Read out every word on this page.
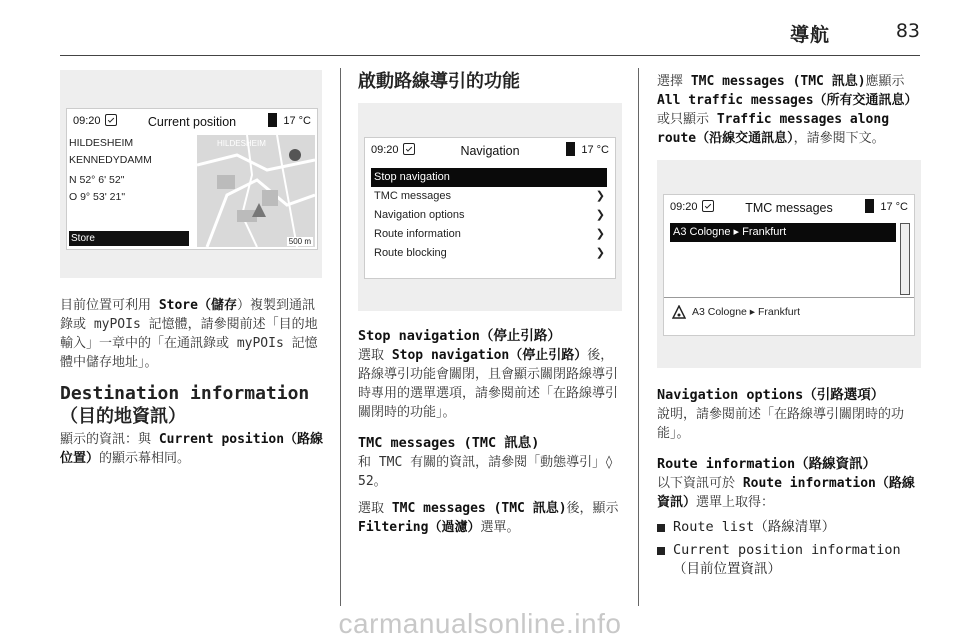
導航	83
09:20	Current position	17 °C
HILDESHEIM
KENNEDYDAMM
N 52° 6' 52"
O 9° 53' 21"
Store
HILDESHEIM
500 m

目前位置可利用 Store（儲存）複製到通訊錄或 myPOIs 記憶體，請參閱前述「目的地輸入」一章中的「在通訊錄或 myPOIs 記憶體中儲存地址」。

Destination information（目的地資訊）

顯示的資訊：與 Current position（路線位置）的顯示幕相同。

啟動路線導引的功能
09:20	Navigation	17 °C
Stop navigation
TMC messages	❯
Navigation options	❯
Route information	❯
Route blocking	❯
Stop navigation（停止引路）

選取 Stop navigation（停止引路）後，路線導引功能會關閉，且會顯示關閉路線導引時專用的選單選項，請參閱前述「在路線導引關閉時的功能」。

TMC messages (TMC 訊息)

和 TMC 有關的資訊，請參閱「動態導引」◊ 52。

選取 TMC messages (TMC 訊息)後，顯示 Filtering（過濾）選單。

選擇 TMC messages (TMC 訊息)應顯示 All traffic messages（所有交通訊息）或只顯示 Traffic messages along route（沿線交通訊息），請參閱下文。

09:20	TMC messages	17 °C
A3 Cologne ▸ Frankfurt
A3 Cologne ▸ Frankfurt
Navigation options（引路選項）

說明，請參閱前述「在路線導引關閉時的功能」。

Route information（路線資訊）

以下資訊可於 Route information（路線資訊）選單上取得：

Route list（路線清單）
Current position information（目前位置資訊）
carmanualsonline.info
